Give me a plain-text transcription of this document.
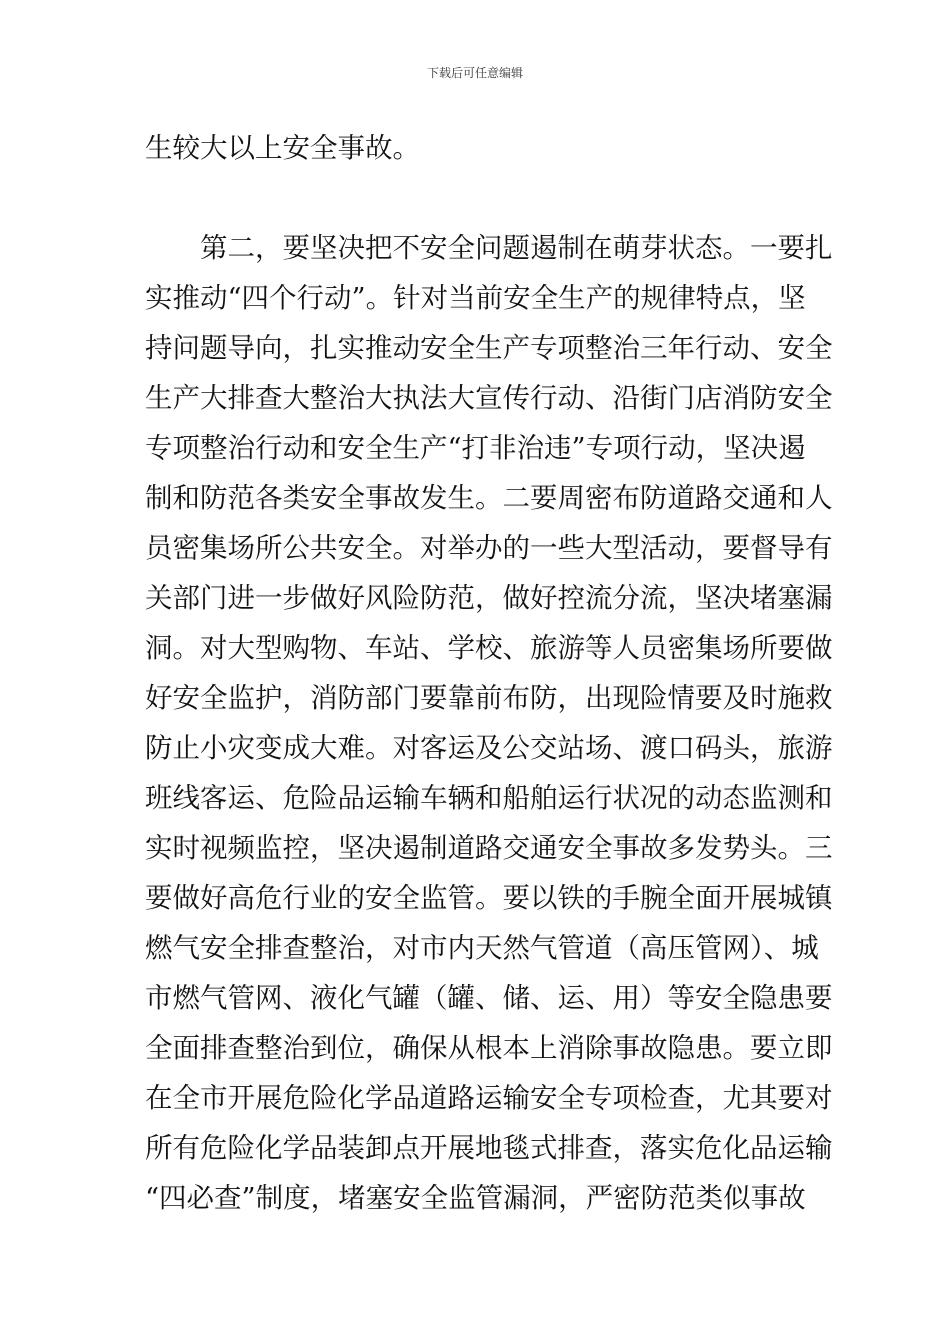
下载后可任意编辑
生较大以上安全事故。
　　第二，要坚决把不安全问题遏制在萌芽状态。一要扎
实推动“四个行动”。针对当前安全生产的规律特点，坚
持问题导向，扎实推动安全生产专项整治三年行动、安全
生产大排查大整治大执法大宣传行动、沿街门店消防安全
专项整治行动和安全生产“打非治违”专项行动，坚决遏
制和防范各类安全事故发生。二要周密布防道路交通和人
员密集场所公共安全。对举办的一些大型活动，要督导有
关部门进一步做好风险防范，做好控流分流，坚决堵塞漏
洞。对大型购物、车站、学校、旅游等人员密集场所要做
好安全监护，消防部门要靠前布防，出现险情要及时施救
防止小灾变成大难。对客运及公交站场、渡口码头，旅游
班线客运、危险品运输车辆和船舶运行状况的动态监测和
实时视频监控，坚决遏制道路交通安全事故多发势头。三
要做好高危行业的安全监管。要以铁的手腕全面开展城镇
燃气安全排查整治，对市内天然气管道（高压管网）、城
市燃气管网、液化气罐（罐、储、运、用）等安全隐患要
全面排查整治到位，确保从根本上消除事故隐患。要立即
在全市开展危险化学品道路运输安全专项检查，尤其要对
所有危险化学品装卸点开展地毯式排查，落实危化品运输
“四必查”制度，堵塞安全监管漏洞，严密防范类似事故
